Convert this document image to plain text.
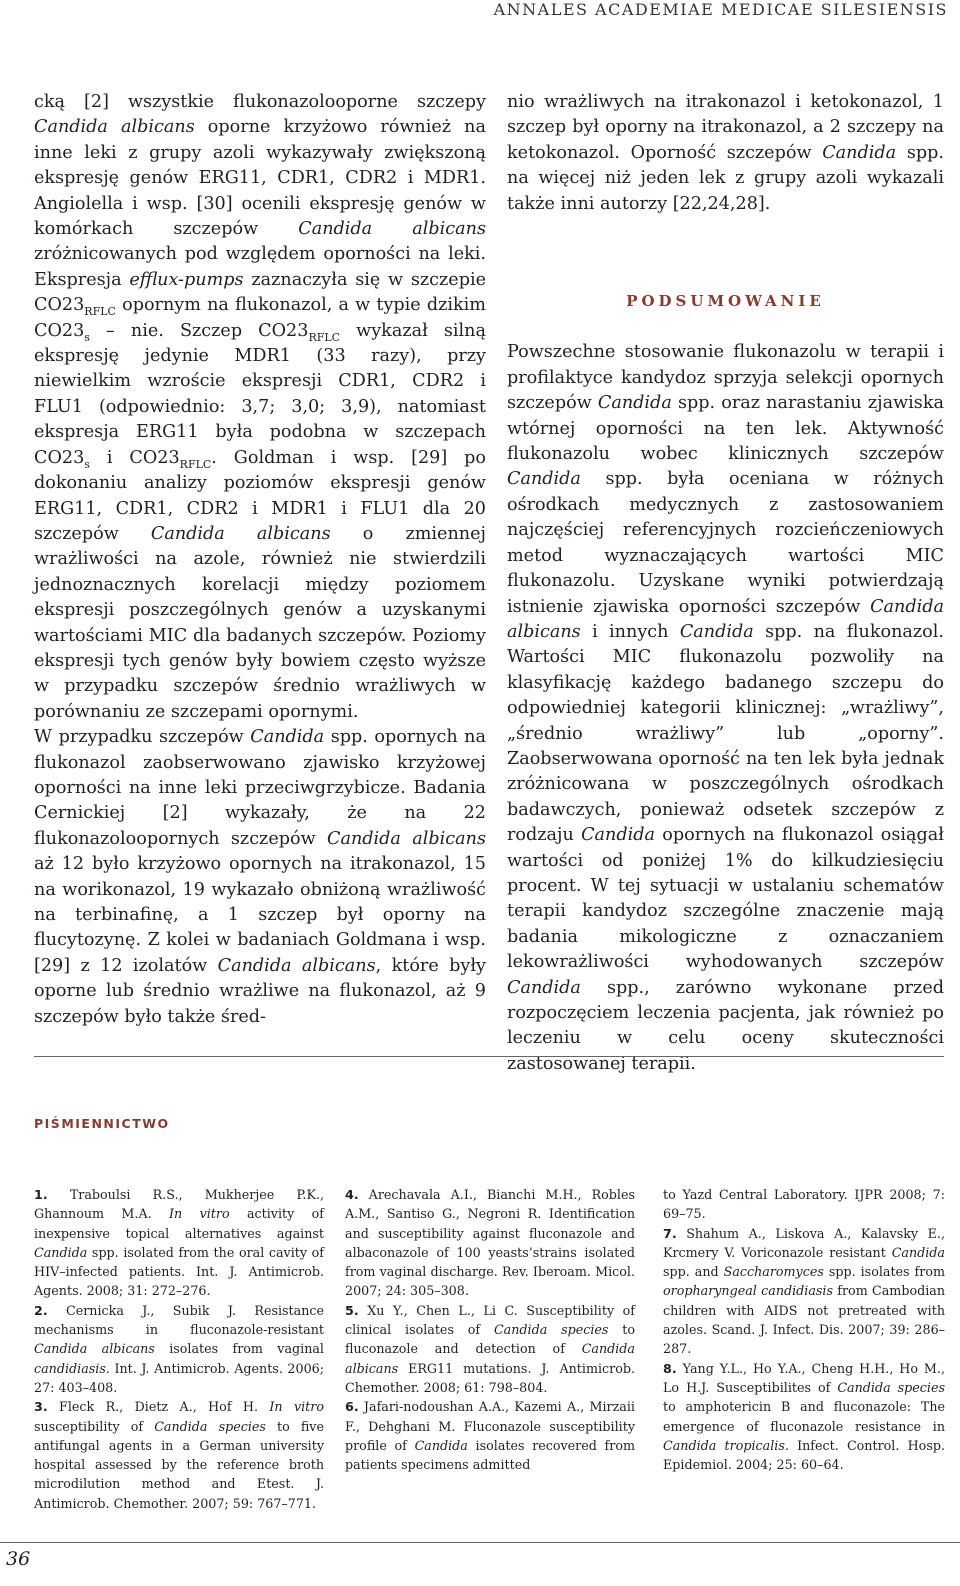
ANNALES ACADEMIAE MEDICAE SILESIENSIS

cką [2] wszystkie flukonazolooporne szczepy Candida albicans oporne krzyżowo również na inne leki z grupy azoli wykazywały zwiększoną ekspresję genów ERG11, CDR1, CDR2 i MDR1. Angiolella i wsp. [30] ocenili ekspresję genów w komórkach szczepów Candida albicans zróżnicowanych pod względem oporności na leki. Ekspresja efflux-pumps zaznaczyła się w szczepie $CO23_{RFLC}$ opornym na flukonazol, a w typie dzikim $CO23_s$ – nie. Szczep $CO23_{RFLC}$ wykazał silną ekspresję jedynie MDR1 (33 razy), przy niewielkim wzroście ekspresji CDR1, CDR2 i FLU1 (odpowiednio: 3,7; 3,0; 3,9), natomiast ekspresja ERG11 była podobna w szczepach $CO23_s$ i $CO23_{RFLC}$. Goldman i wsp. [29] po dokonaniu analizy poziomów ekspresji genów ERG11, CDR1, CDR2 i MDR1 i FLU1 dla 20 szczepów Candida albicans o zmiennej wrażliwości na azole, również nie stwierdzili jednoznacznych korelacji między poziomem ekspresji poszczególnych genów a uzyskanymi wartościami MIC dla badanych szczepów. Poziomy ekspresji tych genów były bowiem często wyższe w przypadku szczepów średnio wrażliwych w porównaniu ze szczepami opornymi.

W przypadku szczepów Candida spp. opornych na flukonazol zaobserwowano zjawisko krzyżowej oporności na inne leki przeciwgrzybicze. Badania Cernickiej [2] wykazały, że na 22 flukonazoloopornych szczepów Candida albicans aż 12 było krzyżowo opornych na itrakonazol, 15 na worikonazol, 19 wykazało obniżoną wrażliwość na terbinafinę, a 1 szczep był oporny na flucytozynę. Z kolei w badaniach Goldmana i wsp. [29] z 12 izolatów Candida albicans, które były oporne lub średnio wrażliwe na flukonazol, aż 9 szczepów było także śred-

nio wrażliwych na itrakonazol i ketokonazol, 1 szczep był oporny na itrakonazol, a 2 szczepy na ketokonazol. Oporność szczepów Candida spp. na więcej niż jeden lek z grupy azoli wykazali także inni autorzy [22,24,28].

PODSUMOWANIE

Powszechne stosowanie flukonazolu w terapii i profilaktyce kandydoz sprzyja selekcji opornych szczepów Candida spp. oraz narastaniu zjawiska wtórnej oporności na ten lek. Aktywność flukonazolu wobec klinicznych szczepów Candida spp. była oceniana w różnych ośrodkach medycznych z zastosowaniem najczęściej referencyjnych rozcieńczeniowych metod wyznaczających wartości MIC flukonazolu. Uzyskane wyniki potwierdzają istnienie zjawiska oporności szczepów Candida albicans i innych Candida spp. na flukonazol. Wartości MIC flukonazolu pozwoliły na klasyfikację każdego badanego szczepu do odpowiedniej kategorii klinicznej: „wrażliwy”, „średnio wrażliwy” lub „oporny”. Zaobserwowana oporność na ten lek była jednak zróżnicowana w poszczególnych ośrodkach badawczych, ponieważ odsetek szczepów z rodzaju Candida opornych na flukonazol osiągał wartości od poniżej 1% do kilkudziesięciu procent. W tej sytuacji w ustalaniu schematów terapii kandydoz szczególne znaczenie mają badania mikologiczne z oznaczaniem lekowrażliwości wyhodowanych szczepów Candida spp., zarówno wykonane przed rozpoczęciem leczenia pacjenta, jak również po leczeniu w celu oceny skuteczności zastosowanej terapii.

PIŚMIENNICTWO

1. Traboulsi R.S., Mukherjee P.K., Ghannoum M.A. In vitro activity of inexpensive topical alternatives against Candida spp. isolated from the oral cavity of HIV–infected patients. Int. J. Antimicrob. Agents. 2008; 31: 272–276.

2. Cernicka J., Subik J. Resistance mechanisms in fluconazole-resistant Candida albicans isolates from vaginal candidiasis. Int. J. Antimicrob. Agents. 2006; 27: 403–408.

3. Fleck R., Dietz A., Hof H. In vitro susceptibility of Candida species to five antifungal agents in a German university hospital assessed by the reference broth microdilution method and Etest. J. Antimicrob. Chemother. 2007; 59: 767–771.

4. Arechavala A.I., Bianchi M.H., Robles A.M., Santiso G., Negroni R. Identification and susceptibility against fluconazole and albaconazole of 100 yeasts’strains isolated from vaginal discharge. Rev. Iberoam. Micol. 2007; 24: 305–308.

5. Xu Y., Chen L., Li C. Susceptibility of clinical isolates of Candida species to fluconazole and detection of Candida albicans ERG11 mutations. J. Antimicrob. Chemother. 2008; 61: 798–804.

6. Jafari-nodoushan A.A., Kazemi A., Mirzaii F., Dehghani M. Fluconazole susceptibility profile of Candida isolates recovered from patients specimens admitted

to Yazd Central Laboratory. IJPR 2008; 7: 69–75.

7. Shahum A., Liskova A., Kalavsky E., Krcmery V. Voriconazole resistant Candida spp. and Saccharomyces spp. isolates from oropharyngeal candidiasis from Cambodian children with AIDS not pretreated with azoles. Scand. J. Infect. Dis. 2007; 39: 286–287.

8. Yang Y.L., Ho Y.A., Cheng H.H., Ho M., Lo H.J. Susceptibilites of Candida species to amphotericin B and fluconazole: The emergence of fluconazole resistance in Candida tropicalis. Infect. Control. Hosp. Epidemiol. 2004; 25: 60–64.

36
